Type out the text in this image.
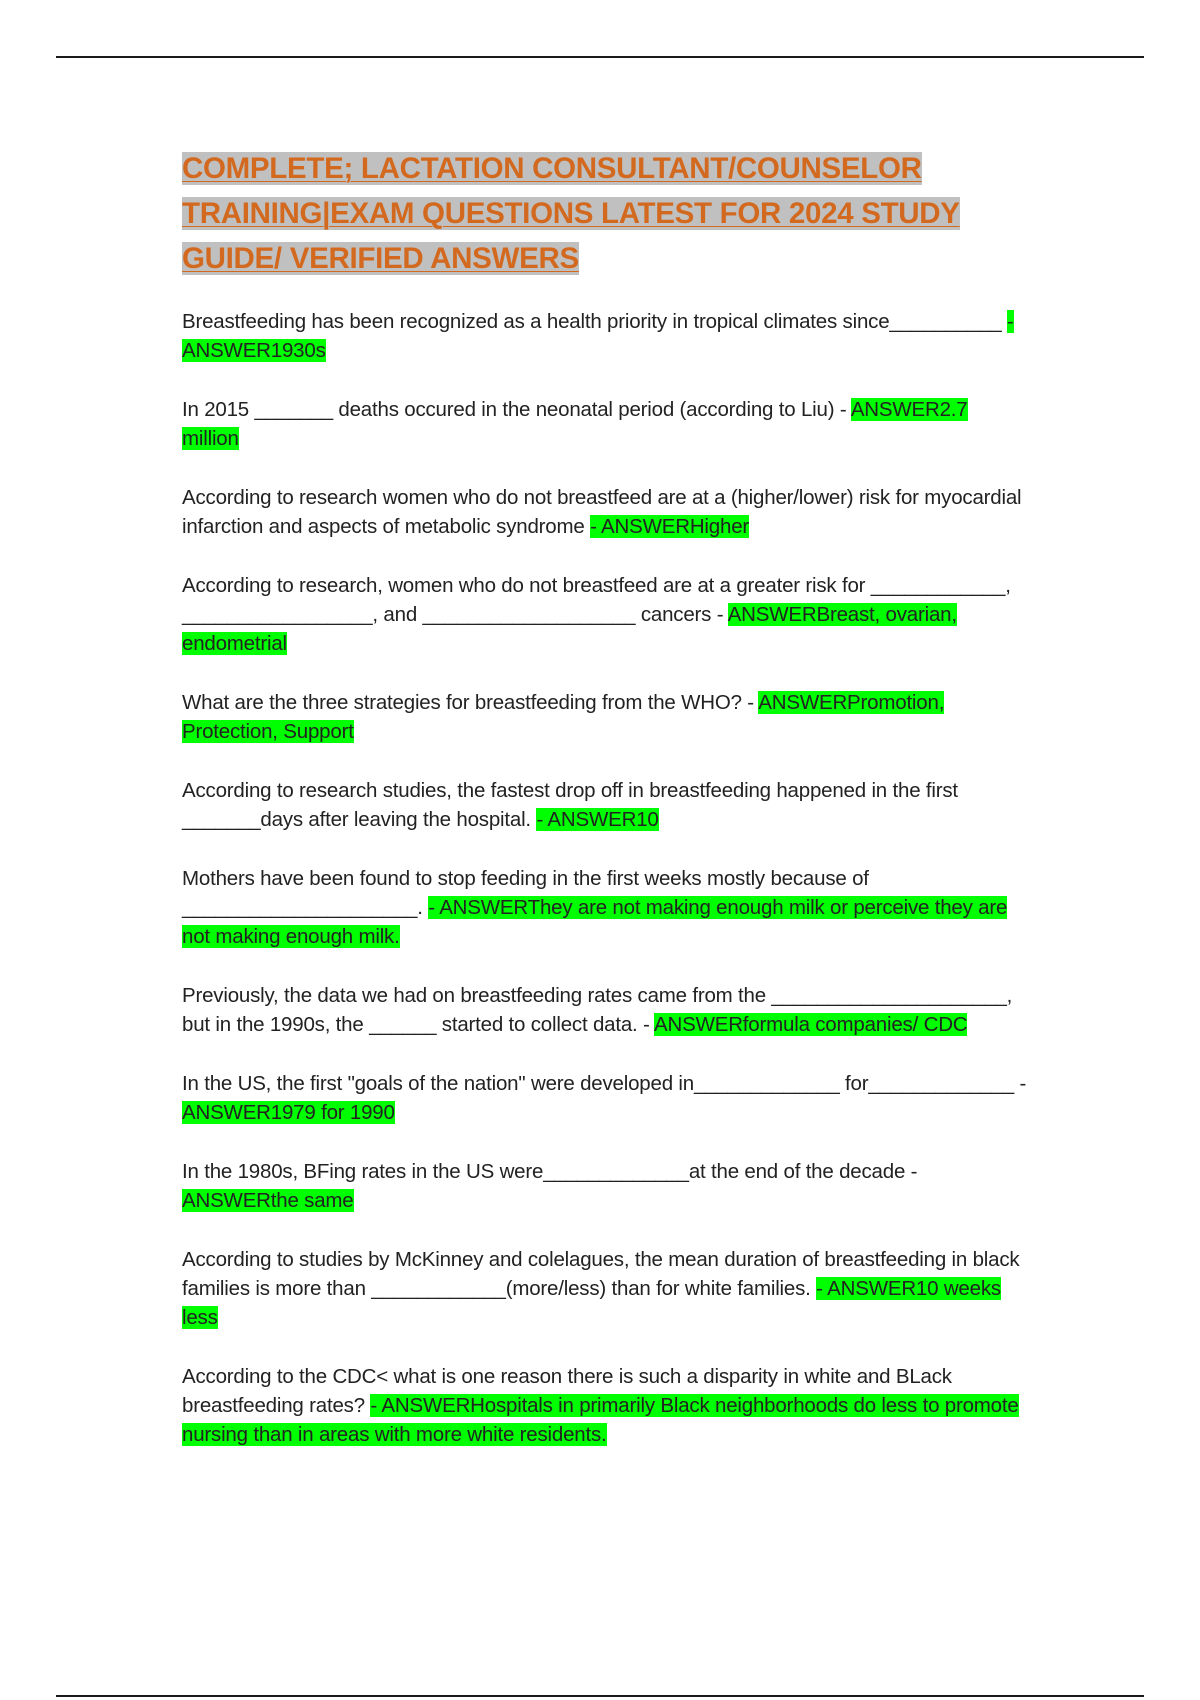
COMPLETE; LACTATION CONSULTANT/COUNSELOR TRAINING|EXAM QUESTIONS LATEST FOR 2024 STUDY GUIDE/ VERIFIED ANSWERS

Breastfeeding has been recognized as a health priority in tropical climates since__________ - ANSWER1930s

In 2015 _______ deaths occured in the neonatal period (according to Liu) - ANSWER2.7 million

According to research women who do not breastfeed are at a (higher/lower) risk for myocardial infarction and aspects of metabolic syndrome - ANSWERHigher

According to research, women who do not breastfeed are at a greater risk for ____________, _________________, and ___________________ cancers - ANSWERBreast, ovarian, endometrial

What are the three strategies for breastfeeding from the WHO? - ANSWERPromotion, Protection, Support

According to research studies, the fastest drop off in breastfeeding happened in the first _______days after leaving the hospital. - ANSWER10

Mothers have been found to stop feeding in the first weeks mostly because of _____________________. - ANSWERThey are not making enough milk or perceive they are not making enough milk.

Previously, the data we had on breastfeeding rates came from the _____________________, but in the 1990s, the ______ started to collect data. - ANSWERformula companies/ CDC

In the US, the first "goals of the nation" were developed in_____________ for_____________ - ANSWER1979 for 1990

In the 1980s, BFing rates in the US were_____________at the end of the decade - ANSWERthe same

According to studies by McKinney and colelagues, the mean duration of breastfeeding in black families is more than ____________(more/less) than for white families. - ANSWER10 weeks less

According to the CDC< what is one reason there is such a disparity in white and BLack breastfeeding rates? - ANSWERHospitals in primarily Black neighborhoods do less to promote nursing than in areas with more white residents.
